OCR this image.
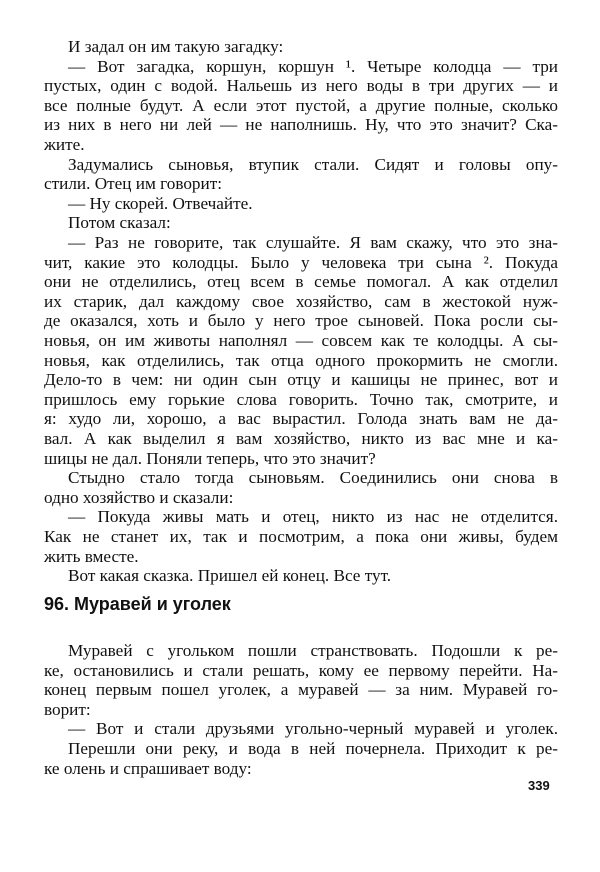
И задал он им такую загадку:
— Вот загадка, коршун, коршун ¹. Четыре колодца — три
пустых, один с водой. Нальешь из него воды в три других — и
все полные будут. А если этот пустой, а другие полные, сколько
из них в него ни лей — не наполнишь. Ну, что это значит? Ска-
жите.
Задумались сыновья, втупик стали. Сидят и головы опу-
стили. Отец им говорит:
— Ну скорей. Отвечайте.
Потом сказал:
— Раз не говорите, так слушайте. Я вам скажу, что это зна-
чит, какие это колодцы. Было у человека три сына ². Покуда
они не отделились, отец всем в семье помогал. А как отделил
их старик, дал каждому свое хозяйство, сам в жестокой нуж-
де оказался, хоть и было у него трое сыновей. Пока росли сы-
новья, он им животы наполнял — совсем как те колодцы. А сы-
новья, как отделились, так отца одного прокормить не смогли.
Дело-то в чем: ни один сын отцу и кашицы не принес, вот и
пришлось ему горькие слова говорить. Точно так, смотрите, и
я: худо ли, хорошо, а вас вырастил. Голода знать вам не да-
вал. А как выделил я вам хозяйство, никто из вас мне и ка-
шицы не дал. Поняли теперь, что это значит?
Стыдно стало тогда сыновьям. Соединились они снова в
одно хозяйство и сказали:
— Покуда живы мать и отец, никто из нас не отделится.
Как не станет их, так и посмотрим, а пока они живы, будем
жить вместе.
Вот какая сказка. Пришел ей конец. Все тут.
96. Муравей и уголек
Муравей с угольком пошли странствовать. Подошли к ре-
ке, остановились и стали решать, кому ее первому перейти. На-
конец первым пошел уголек, а муравей — за ним. Муравей го-
ворит:
— Вот и стали друзьями угольно-черный муравей и уголек.
Перешли они реку, и вода в ней почернела. Приходит к ре-
ке олень и спрашивает воду:
339
